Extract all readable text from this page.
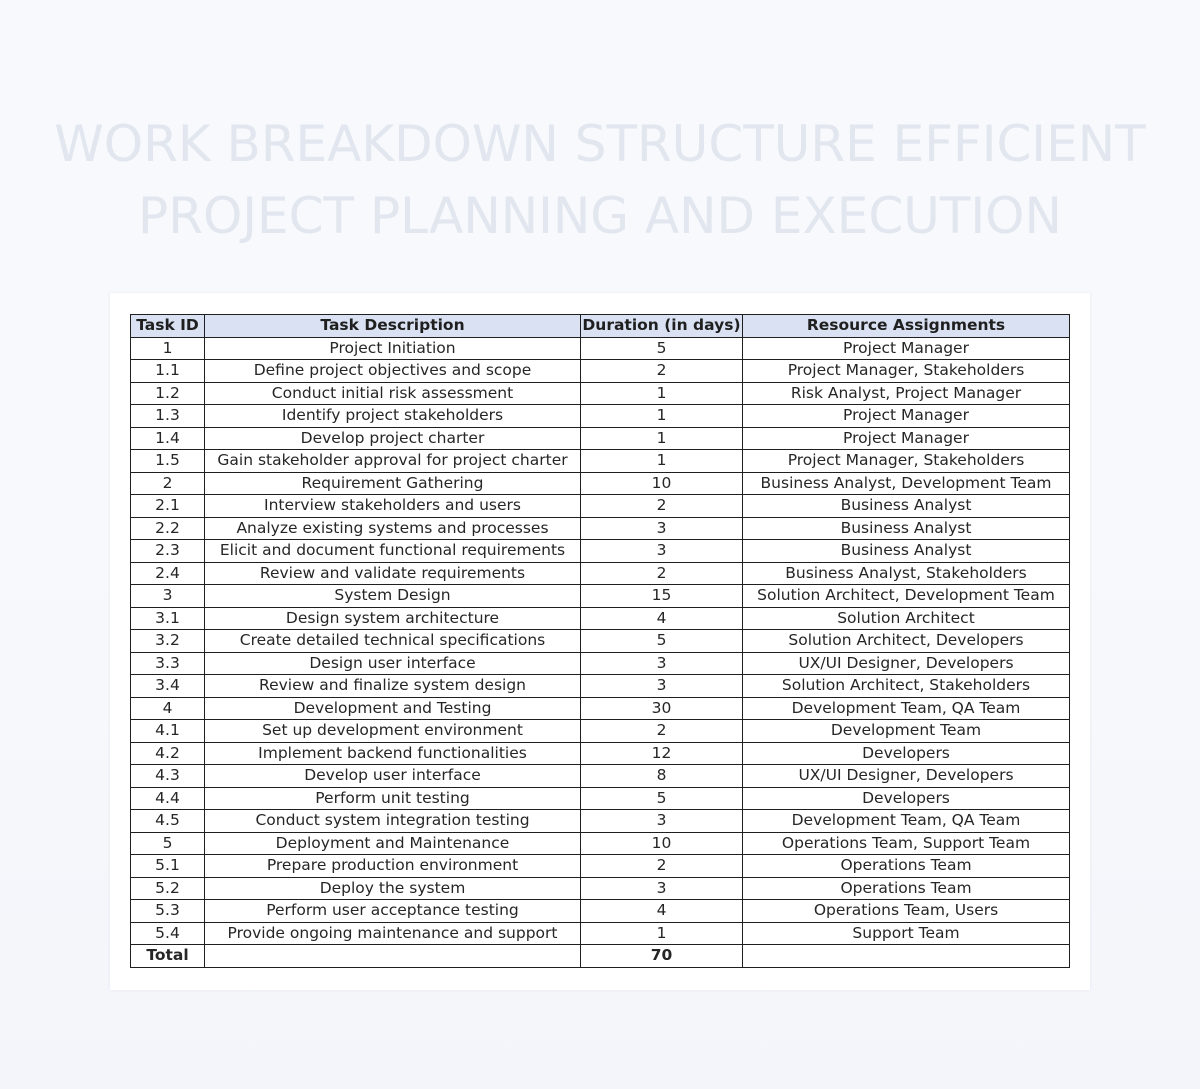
WORK BREAKDOWN STRUCTURE EFFICIENT
PROJECT PLANNING AND EXECUTION
Task ID	Task Description	Duration (in days)	Resource Assignments
1	Project Initiation	5	Project Manager
1.1	Define project objectives and scope	2	Project Manager, Stakeholders
1.2	Conduct initial risk assessment	1	Risk Analyst, Project Manager
1.3	Identify project stakeholders	1	Project Manager
1.4	Develop project charter	1	Project Manager
1.5	Gain stakeholder approval for project charter	1	Project Manager, Stakeholders
2	Requirement Gathering	10	Business Analyst, Development Team
2.1	Interview stakeholders and users	2	Business Analyst
2.2	Analyze existing systems and processes	3	Business Analyst
2.3	Elicit and document functional requirements	3	Business Analyst
2.4	Review and validate requirements	2	Business Analyst, Stakeholders
3	System Design	15	Solution Architect, Development Team
3.1	Design system architecture	4	Solution Architect
3.2	Create detailed technical specifications	5	Solution Architect, Developers
3.3	Design user interface	3	UX/UI Designer, Developers
3.4	Review and finalize system design	3	Solution Architect, Stakeholders
4	Development and Testing	30	Development Team, QA Team
4.1	Set up development environment	2	Development Team
4.2	Implement backend functionalities	12	Developers
4.3	Develop user interface	8	UX/UI Designer, Developers
4.4	Perform unit testing	5	Developers
4.5	Conduct system integration testing	3	Development Team, QA Team
5	Deployment and Maintenance	10	Operations Team, Support Team
5.1	Prepare production environment	2	Operations Team
5.2	Deploy the system	3	Operations Team
5.3	Perform user acceptance testing	4	Operations Team, Users
5.4	Provide ongoing maintenance and support	1	Support Team
Total		70	
